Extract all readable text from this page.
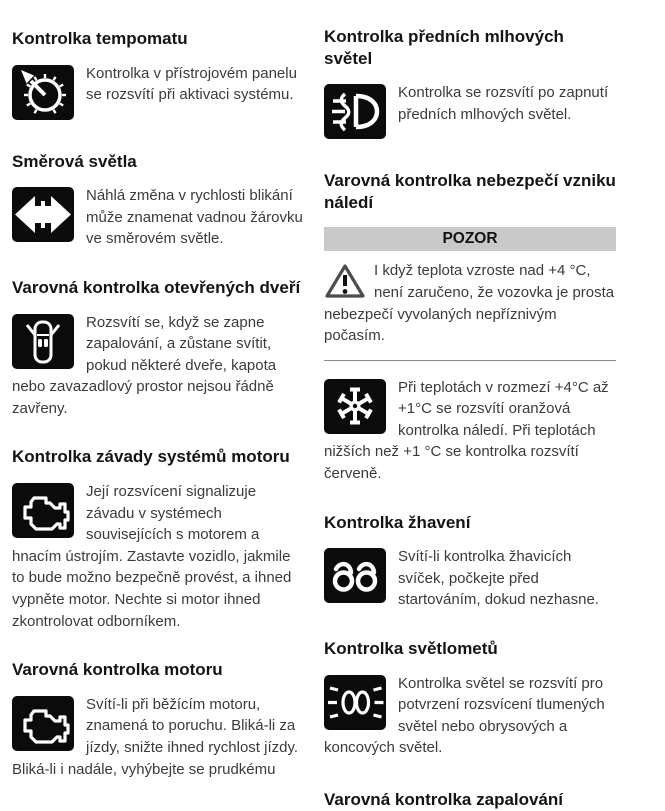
Kontrolka tempomatu

Kontrolka v přístrojovém panelu se rozsvítí při aktivaci systému.

Směrová světla

Náhlá změna v rychlosti blikání může znamenat vadnou žárovku ve směrovém světle.

Varovná kontrolka otevřených dveří

Rozsvítí se, když se zapne zapalování, a zůstane svítit, pokud některé dveře, kapota nebo zavazadlový prostor nejsou řádně zavřeny.

Kontrolka závady systémů motoru

Její rozsvícení signalizuje závadu v systémech souvisejících s motorem a hnacím ústrojím. Zastavte vozidlo, jakmile to bude možno bezpečně provést, a ihned vypněte motor. Nechte si motor ihned zkontrolovat odborníkem.

Varovná kontrolka motoru

Svítí-li při běžícím motoru, znamená to poruchu. Bliká-li za jízdy, snižte ihned rychlost jízdy. Bliká-li i nadále, vyhýbejte se prudkému

Kontrolka předních mlhových světel

Kontrolka se rozsvítí po zapnutí předních mlhových světel.

Varovná kontrolka nebezpečí vzniku náledí
POZOR

I když teplota vzroste nad +4 °C, není zaručeno, že vozovka je prosta nebezpečí vyvolaných nepříznivým počasím.

Při teplotách v rozmezí +4°C až +1°C se rozsvítí oranžová kontrolka náledí. Při teplotách nižších než +1 °C se kontrolka rozsvítí červeně.

Kontrolka žhavení

Svítí-li kontrolka žhavicích svíček, počkejte před startováním, dokud nezhasne.

Kontrolka světlometů

Kontrolka světel se rozsvítí pro potvrzení rozsvícení tlumených světel nebo obrysových a koncových světel.

Varovná kontrolka zapalování
